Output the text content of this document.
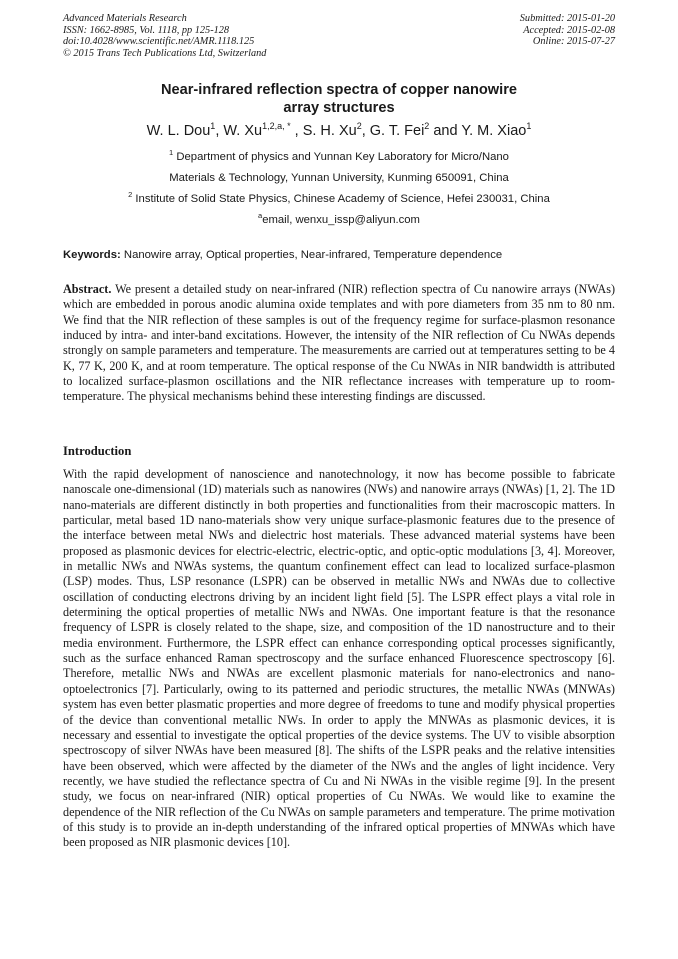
Advanced Materials Research
ISSN: 1662-8985, Vol. 1118, pp 125-128
doi:10.4028/www.scientific.net/AMR.1118.125
© 2015 Trans Tech Publications Ltd, Switzerland
Submitted: 2015-01-20
Accepted: 2015-02-08
Online: 2015-07-27
Near-infrared reflection spectra of copper nanowire
array structures
W. L. Dou$^1$, W. $Xu^{1,2,a, *}$ , S. H. Xu$^2$, G. T. Fei$^2$ and Y. M. Xiao$^1$
$^1$ Department of physics and Yunnan Key Laboratory for Micro/Nano
Materials & Technology, Yunnan University, Kunming 650091, China
$^2$ Institute of Solid State Physics, Chinese Academy of Science, Hefei 230031, China
$^a$email, wenxu_issp@aliyun.com
Keywords: Nanowire array, Optical properties, Near-infrared, Temperature dependence
Abstract. We present a detailed study on near-infrared (NIR) reflection spectra of Cu nanowire arrays (NWAs) which are embedded in porous anodic alumina oxide templates and with pore diameters from 35 nm to 80 nm. We find that the NIR reflection of these samples is out of the frequency regime for surface-plasmon resonance induced by intra- and inter-band excitations. However, the intensity of the NIR reflection of Cu NWAs depends strongly on sample parameters and temperature. The measurements are carried out at temperatures setting to be 4 K, 77 K, 200 K, and at room temperature. The optical response of the Cu NWAs in NIR bandwidth is attributed to localized surface-plasmon oscillations and the NIR reflectance increases with temperature up to room-temperature. The physical mechanisms behind these interesting findings are discussed.
Introduction
With the rapid development of nanoscience and nanotechnology, it now has become possible to fabricate nanoscale one-dimensional (1D) materials such as nanowires (NWs) and nanowire arrays (NWAs) [1, 2]. The 1D nano-materials are different distinctly in both properties and functionalities from their macroscopic matters. In particular, metal based 1D nano-materials show very unique surface-plasmonic features due to the presence of the interface between metal NWs and dielectric host materials. These advanced material systems have been proposed as plasmonic devices for electric-electric, electric-optic, and optic-optic modulations [3, 4]. Moreover, in metallic NWs and NWAs systems, the quantum confinement effect can lead to localized surface-plasmon (LSP) modes. Thus, LSP resonance (LSPR) can be observed in metallic NWs and NWAs due to collective oscillation of conducting electrons driving by an incident light field [5]. The LSPR effect plays a vital role in determining the optical properties of metallic NWs and NWAs. One important feature is that the resonance frequency of LSPR is closely related to the shape, size, and composition of the 1D nanostructure and to their media environment. Furthermore, the LSPR effect can enhance corresponding optical processes significantly, such as the surface enhanced Raman spectroscopy and the surface enhanced Fluorescence spectroscopy [6]. Therefore, metallic NWs and NWAs are excellent plasmonic materials for nano-electronics and nano-optoelectronics [7]. Particularly, owing to its patterned and periodic structures, the metallic NWAs (MNWAs) system has even better plasmatic properties and more degree of freedoms to tune and modify physical properties of the device than conventional metallic NWs. In order to apply the MNWAs as plasmonic devices, it is necessary and essential to investigate the optical properties of the device systems. The UV to visible absorption spectroscopy of silver NWAs have been measured [8]. The shifts of the LSPR peaks and the relative intensities have been observed, which were affected by the diameter of the NWs and the angles of light incidence. Very recently, we have studied the reflectance spectra of Cu and Ni NWAs in the visible regime [9]. In the present study, we focus on near-infrared (NIR) optical properties of Cu NWAs. We would like to examine the dependence of the NIR reflection of the Cu NWAs on sample parameters and temperature. The prime motivation of this study is to provide an in-depth understanding of the infrared optical properties of MNWAs which have been proposed as NIR plasmonic devices [10].
